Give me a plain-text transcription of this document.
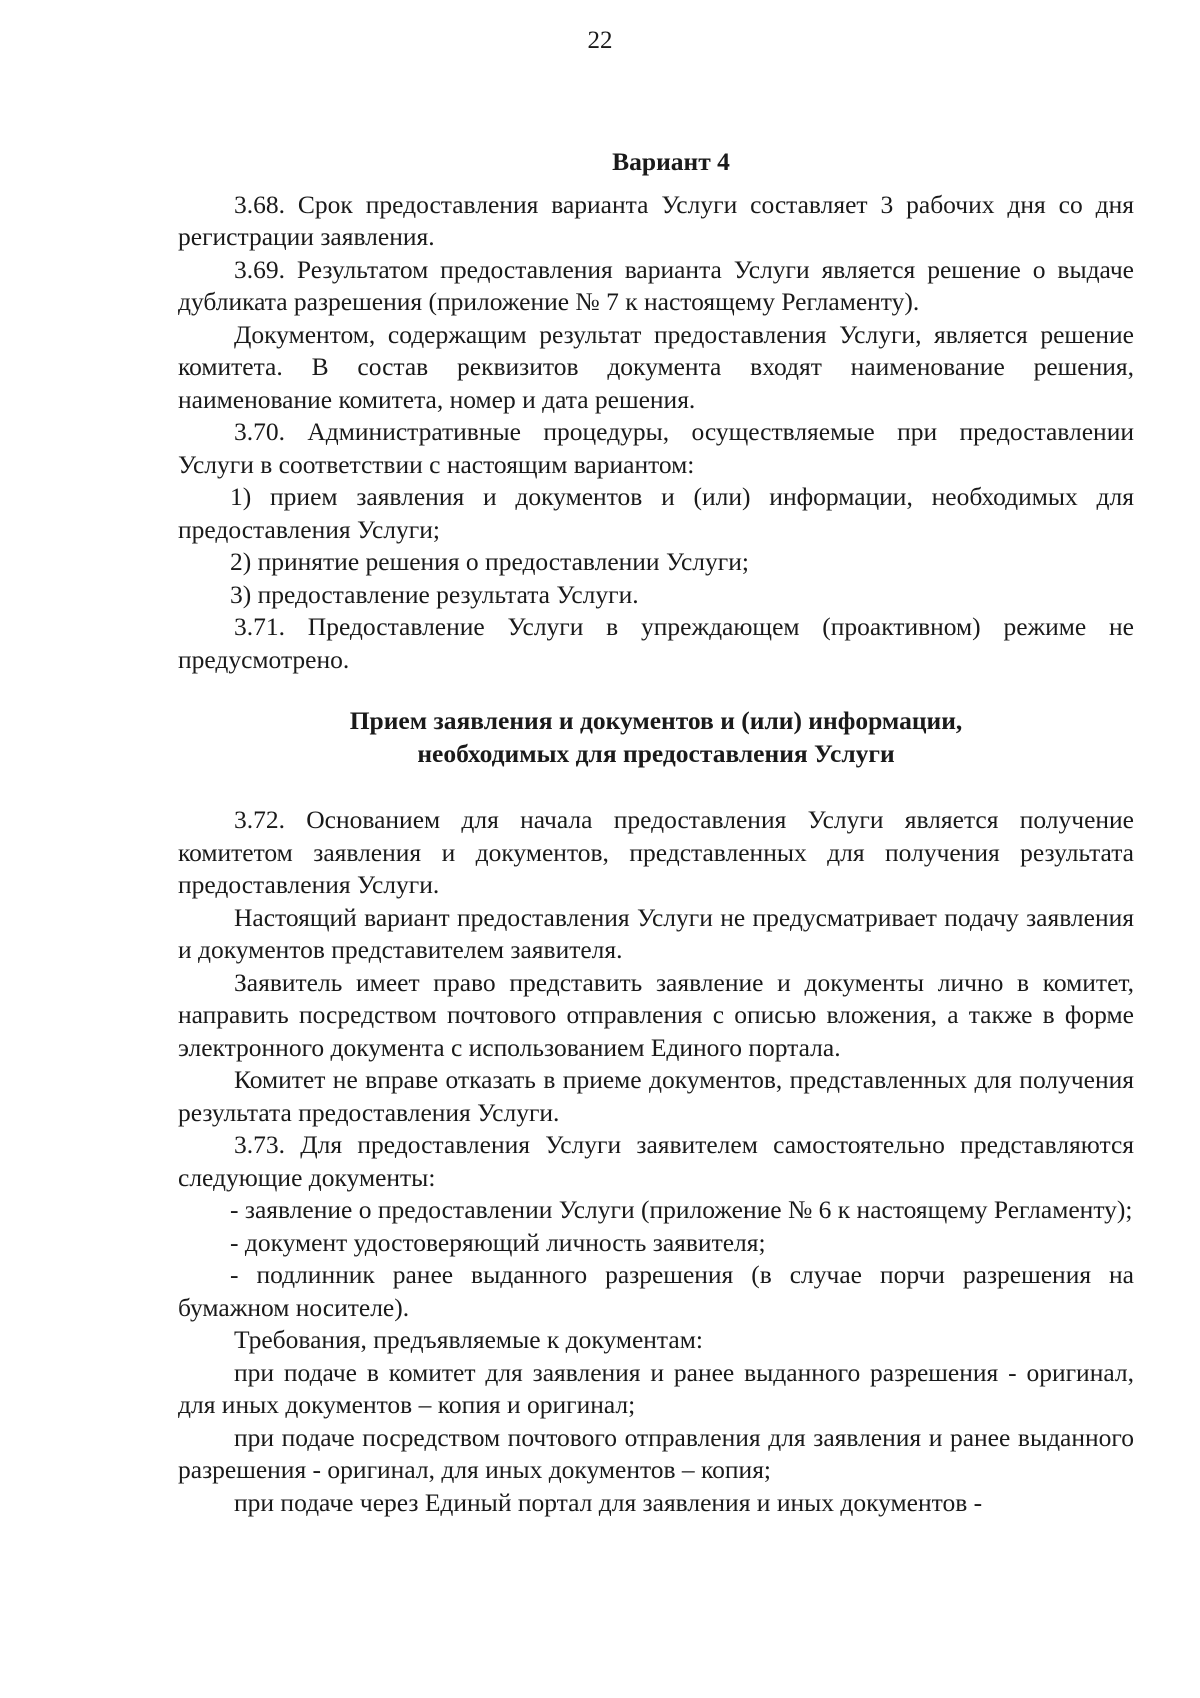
22
Вариант 4

3.68. Срок предоставления варианта Услуги составляет 3 рабочих дня со дня регистрации заявления.

3.69. Результатом предоставления варианта Услуги является решение о выдаче дубликата разрешения (приложение № 7 к настоящему Регламенту).

Документом, содержащим результат предоставления Услуги, является решение комитета. В состав реквизитов документа входят наименование решения, наименование комитета, номер и дата решения.

3.70. Административные процедуры, осуществляемые при предоставлении Услуги в соответствии с настоящим вариантом:

1) прием заявления и документов и (или) информации, необходимых для предоставления Услуги;

2) принятие решения о предоставлении Услуги;

3) предоставление результата Услуги.

3.71. Предоставление Услуги в упреждающем (проактивном) режиме не предусмотрено.

Прием заявления и документов и (или) информации,
необходимых для предоставления Услуги

3.72. Основанием для начала предоставления Услуги является получение комитетом заявления и документов, представленных для получения результата предоставления Услуги.

Настоящий вариант предоставления Услуги не предусматривает подачу заявления и документов представителем заявителя.

Заявитель имеет право представить заявление и документы лично в комитет, направить посредством почтового отправления с описью вложения, а также в форме электронного документа с использованием Единого портала.

Комитет не вправе отказать в приеме документов, представленных для получения результата предоставления Услуги.

3.73. Для предоставления Услуги заявителем самостоятельно представляются следующие документы:

- заявление о предоставлении Услуги (приложение № 6 к настоящему Регламенту);

- документ удостоверяющий личность заявителя;

- подлинник ранее выданного разрешения (в случае порчи разрешения на бумажном носителе).

Требования, предъявляемые к документам:

при подаче в комитет для заявления и ранее выданного разрешения - оригинал, для иных документов – копия и оригинал;

при подаче посредством почтового отправления для заявления и ранее выданного разрешения - оригинал, для иных документов – копия;

при подаче через Единый портал для заявления и иных документов -
